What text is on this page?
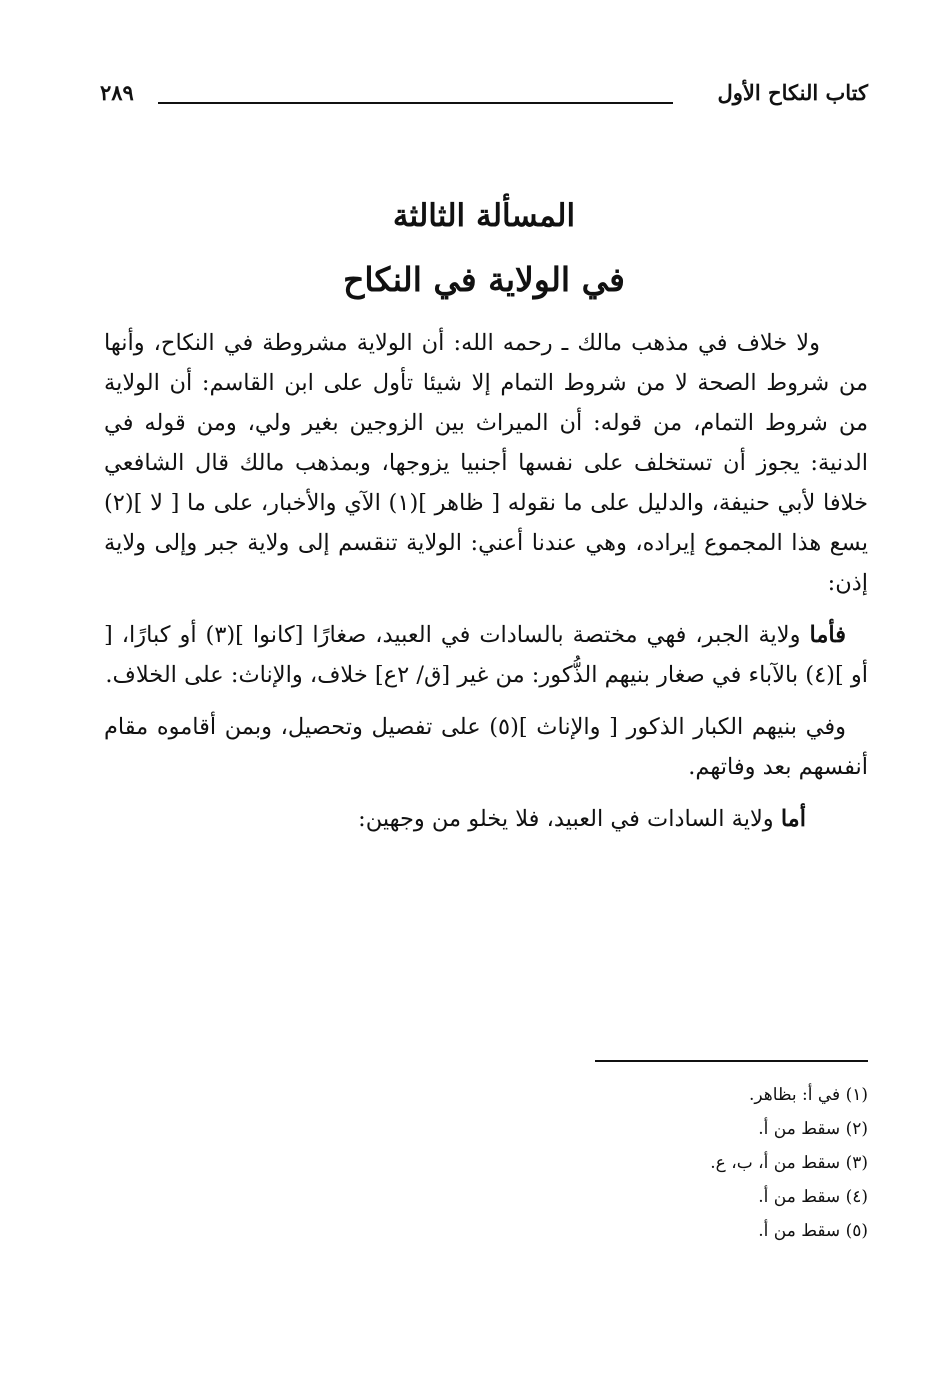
كتاب النكاح الأول
٢٨٩
المسألة الثالثة
في الولاية في النكاح

ولا خلاف في مذهب مالك ـ رحمه الله: أن الولاية مشروطة في النكاح، وأنها من شروط الصحة لا من شروط التمام إلا شيئا تأول على ابن القاسم: أن الولاية من شروط التمام، من قوله: أن الميراث بين الزوجين بغير ولي، ومن قوله في الدنية: يجوز أن تستخلف على نفسها أجنبيا يزوجها، وبمذهب مالك قال الشافعي خلافا لأبي حنيفة، والدليل على ما نقوله [ ظاهر ](١) الآي والأخبار، على ما [ لا ](٢) يسع هذا المجموع إيراده، وهي عندنا أعني: الولاية تنقسم إلى ولاية جبر وإلى ولاية إذن:

فأما ولاية الجبر، فهي مختصة بالسادات في العبيد، صغارًا [كانوا ](٣) أو كبارًا، [ أو ](٤) بالآباء في صغار بنيهم الذُّكور: من غير [ق/ ٢ع] خلاف، والإناث: على الخلاف.

وفي بنيهم الكبار الذكور [ والإناث ](٥) على تفصيل وتحصيل، وبمن أقاموه مقام أنفسهم بعد وفاتهم.

أما ولاية السادات في العبيد، فلا يخلو من وجهين:

(١) في أ: بظاهر.
(٢) سقط من أ.
(٣) سقط من أ، ب، ع.
(٤) سقط من أ.
(٥) سقط من أ.
